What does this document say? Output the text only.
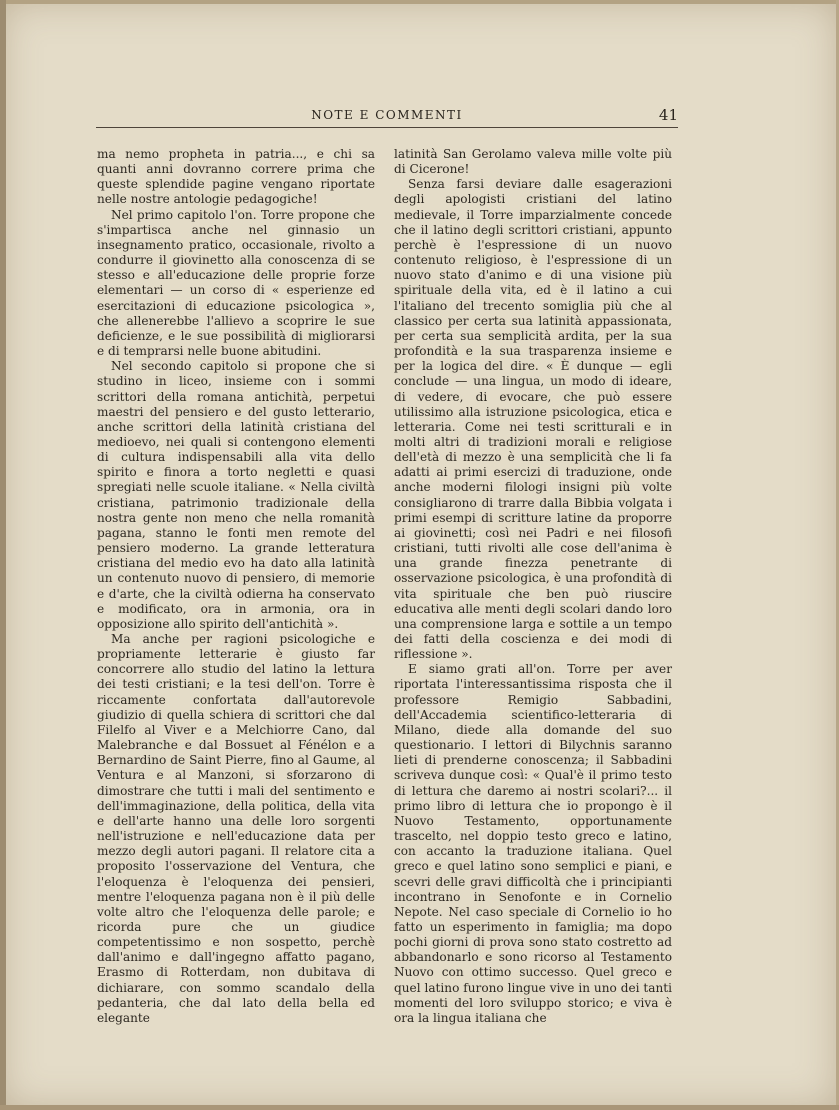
NOTE E COMMENTI	41

ma nemo propheta in patria..., e chi sa quanti anni dovranno correre prima che queste splendide pagine vengano riportate nelle nostre antologie pedagogiche!

Nel primo capitolo l'on. Torre propone che s'impartisca anche nel ginnasio un insegnamento pratico, occasionale, rivolto a condurre il giovinetto alla conoscenza di se stesso e all'educazione delle proprie forze elementari — un corso di « esperienze ed esercitazioni di educazione psicologica », che allenerebbe l'allievo a scoprire le sue deficienze, e le sue possibilità di migliorarsi e di temprarsi nelle buone abitudini.

Nel secondo capitolo si propone che si studino in liceo, insieme con i sommi scrittori della romana antichità, perpetui maestri del pensiero e del gusto letterario, anche scrittori della latinità cristiana del medioevo, nei quali si contengono elementi di cultura indispensabili alla vita dello spirito e finora a torto negletti e quasi spregiati nelle scuole italiane. « Nella civiltà cristiana, patrimonio tradizionale della nostra gente non meno che nella romanità pagana, stanno le fonti men remote del pensiero moderno. La grande letteratura cristiana del medio evo ha dato alla latinità un contenuto nuovo di pensiero, di memorie e d'arte, che la civiltà odierna ha conservato e modificato, ora in armonia, ora in opposizione allo spirito dell'antichità ».

Ma anche per ragioni psicologiche e propriamente letterarie è giusto far concorrere allo studio del latino la lettura dei testi cristiani; e la tesi dell'on. Torre è riccamente confortata dall'autorevole giudizio di quella schiera di scrittori che dal Filelfo al Viver e a Melchiorre Cano, dal Malebranche e dal Bossuet al Fénélon e a Bernardino de Saint Pierre, fino al Gaume, al Ventura e al Manzoni, si sforzarono di dimostrare che tutti i mali del sentimento e dell'immaginazione, della politica, della vita e dell'arte hanno una delle loro sorgenti nell'istruzione e nell'educazione data per mezzo degli autori pagani. Il relatore cita a proposito l'osservazione del Ventura, che l'eloquenza è l'eloquenza dei pensieri, mentre l'eloquenza pagana non è il più delle volte altro che l'eloquenza delle parole; e ricorda pure che un giudice competentissimo e non sospetto, perchè dall'animo e dall'ingegno affatto pagano, Erasmo di Rotterdam, non dubitava di dichiarare, con sommo scandalo della pedanteria, che dal lato della bella ed elegante

latinità San Gerolamo valeva mille volte più di Cicerone!

Senza farsi deviare dalle esagerazioni degli apologisti cristiani del latino medievale, il Torre imparzialmente concede che il latino degli scrittori cristiani, appunto perchè è l'espressione di un nuovo contenuto religioso, è l'espressione di un nuovo stato d'animo e di una visione più spirituale della vita, ed è il latino a cui l'italiano del trecento somiglia più che al classico per certa sua latinità appassionata, per certa sua semplicità ardita, per la sua profondità e la sua trasparenza insieme e per la logica del dire. « È dunque — egli conclude — una lingua, un modo di ideare, di vedere, di evocare, che può essere utilissimo alla istruzione psicologica, etica e letteraria. Come nei testi scritturali e in molti altri di tradizioni morali e religiose dell'età di mezzo è una semplicità che li fa adatti ai primi esercizi di traduzione, onde anche moderni filologi insigni più volte consigliarono di trarre dalla Bibbia volgata i primi esempi di scritture latine da proporre ai giovinetti; così nei Padri e nei filosofi cristiani, tutti rivolti alle cose dell'anima è una grande finezza penetrante di osservazione psicologica, è una profondità di vita spirituale che ben può riuscire educativa alle menti degli scolari dando loro una comprensione larga e sottile a un tempo dei fatti della coscienza e dei modi di riflessione ».

E siamo grati all'on. Torre per aver riportata l'interessantissima risposta che il professore Remigio Sabbadini, dell'Accademia scientifico-letteraria di Milano, diede alla domande del suo questionario. I lettori di Bilychnis saranno lieti di prenderne conoscenza; il Sabbadini scriveva dunque così: « Qual'è il primo testo di lettura che daremo ai nostri scolari?... il primo libro di lettura che io propongo è il Nuovo Testamento, opportunamente trascelto, nel doppio testo greco e latino, con accanto la traduzione italiana. Quel greco e quel latino sono semplici e piani, e scevri delle gravi difficoltà che i principianti incontrano in Senofonte e in Cornelio Nepote. Nel caso speciale di Cornelio io ho fatto un esperimento in famiglia; ma dopo pochi giorni di prova sono stato costretto ad abbandonarlo e sono ricorso al Testamento Nuovo con ottimo successo. Quel greco e quel latino furono lingue vive in uno dei tanti momenti del loro sviluppo storico; e viva è ora la lingua italiana che
